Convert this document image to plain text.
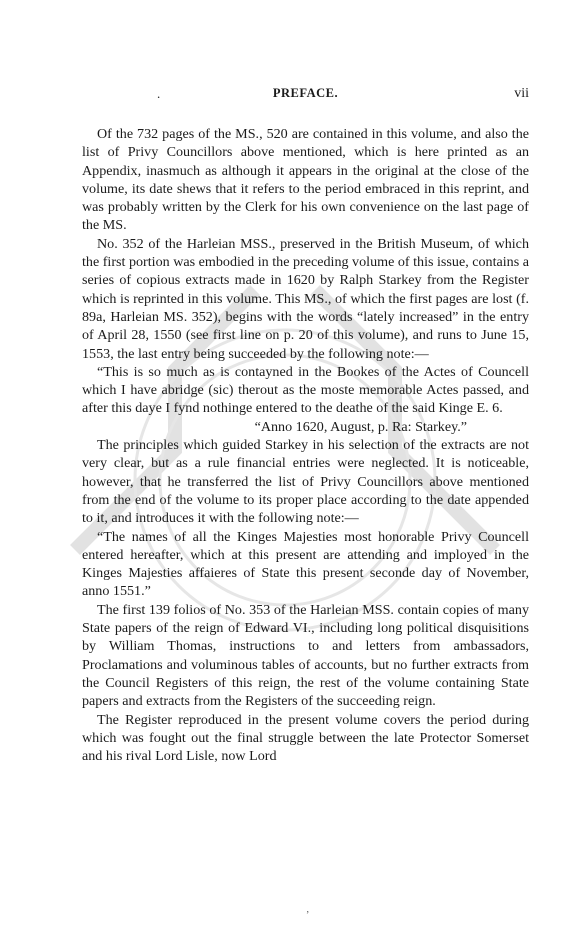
.	PREFACE.	vii

Of the 732 pages of the MS., 520 are contained in this volume, and also the list of Privy Councillors above mentioned, which is here printed as an Appendix, inasmuch as although it appears in the original at the close of the volume, its date shews that it refers to the period embraced in this reprint, and was probably written by the Clerk for his own convenience on the last page of the MS.

No. 352 of the Harleian MSS., preserved in the British Museum, of which the first portion was embodied in the preceding volume of this issue, contains a series of copious extracts made in 1620 by Ralph Starkey from the Register which is reprinted in this volume. This MS., of which the first pages are lost (f. 89a, Harleian MS. 352), begins with the words “lately increased” in the entry of April 28, 1550 (see first line on p. 20 of this volume), and runs to June 15, 1553, the last entry being succeeded by the following note:—

“This is so much as is contayned in the Bookes of the Actes of Councell which I have abridge (sic) therout as the moste memorable Actes passed, and after this daye I fynd nothinge entered to the deathe of the said Kinge E. 6.

“Anno 1620, August, p. Ra: Starkey.”

The principles which guided Starkey in his selection of the extracts are not very clear, but as a rule financial entries were neglected. It is noticeable, however, that he transferred the list of Privy Councillors above mentioned from the end of the volume to its proper place according to the date appended to it, and introduces it with the following note:—

“The names of all the Kinges Majesties most honorable Privy Councell entered hereafter, which at this present are attending and imployed in the Kinges Majesties affaieres of State this present seconde day of November, anno 1551.”

The first 139 folios of No. 353 of the Harleian MSS. contain copies of many State papers of the reign of Edward VI., including long political disquisitions by William Thomas, instructions to and letters from ambassadors, Proclamations and voluminous tables of accounts, but no further extracts from the Council Registers of this reign, the rest of the volume containing State papers and extracts from the Registers of the succeeding reign.

The Register reproduced in the present volume covers the period during which was fought out the final struggle between the late Protector Somerset and his rival Lord Lisle, now Lord

’
